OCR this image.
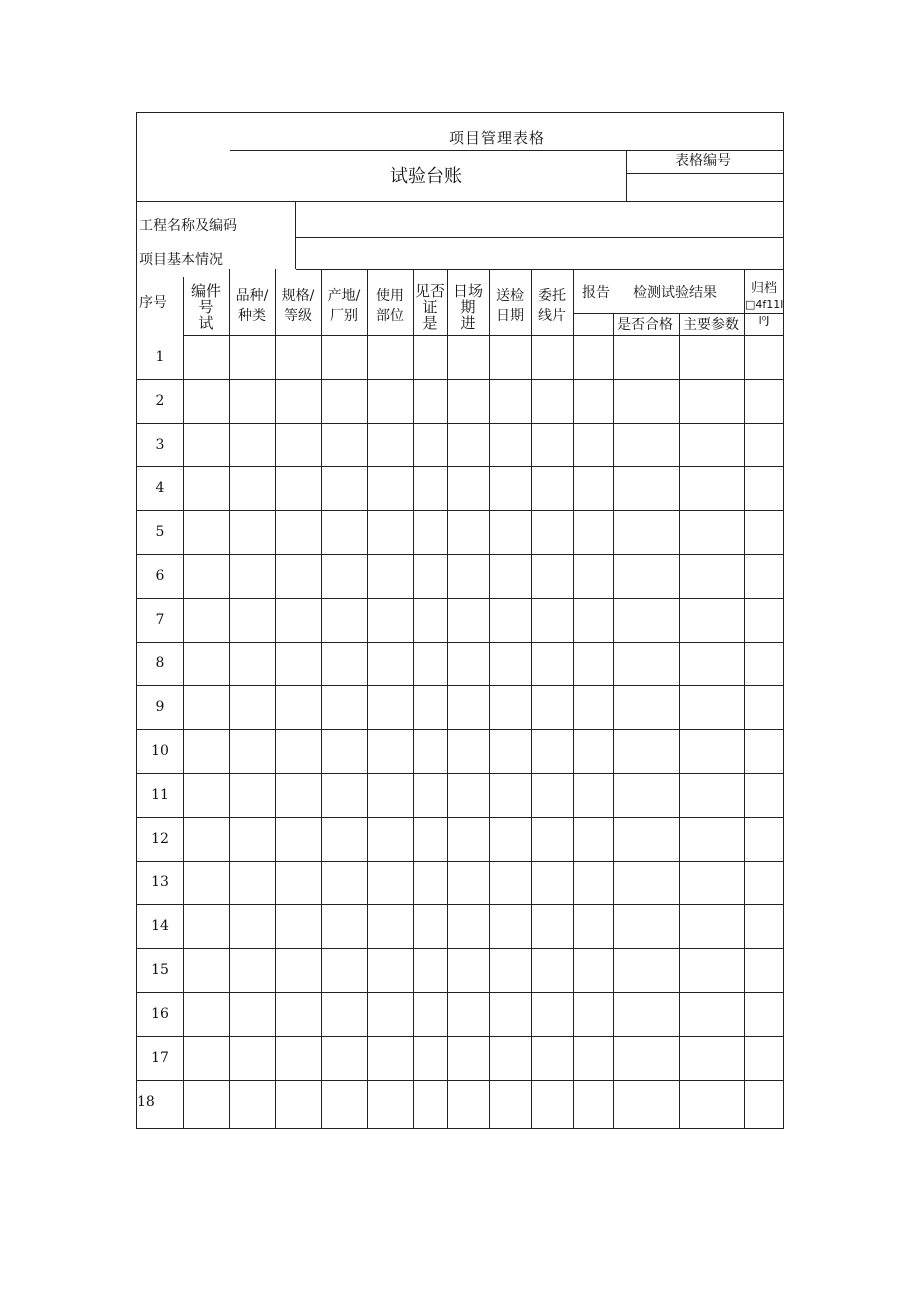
项目管理表格
试验台账
表格编号
工程名称及编码
项目基本情况
序号
编件
号
试
品种/
种类
规格/
等级
产地/
厂别
使用
部位
见否
证
是
日场
期
进
送检
日期
委托
线片
报告 检测试验结果
是否合格 主要参数
归档
□4f11l
l⁰J
1
2
3
4
5
6
7
8
9
10
11
12
13
14
15
16
17
18
